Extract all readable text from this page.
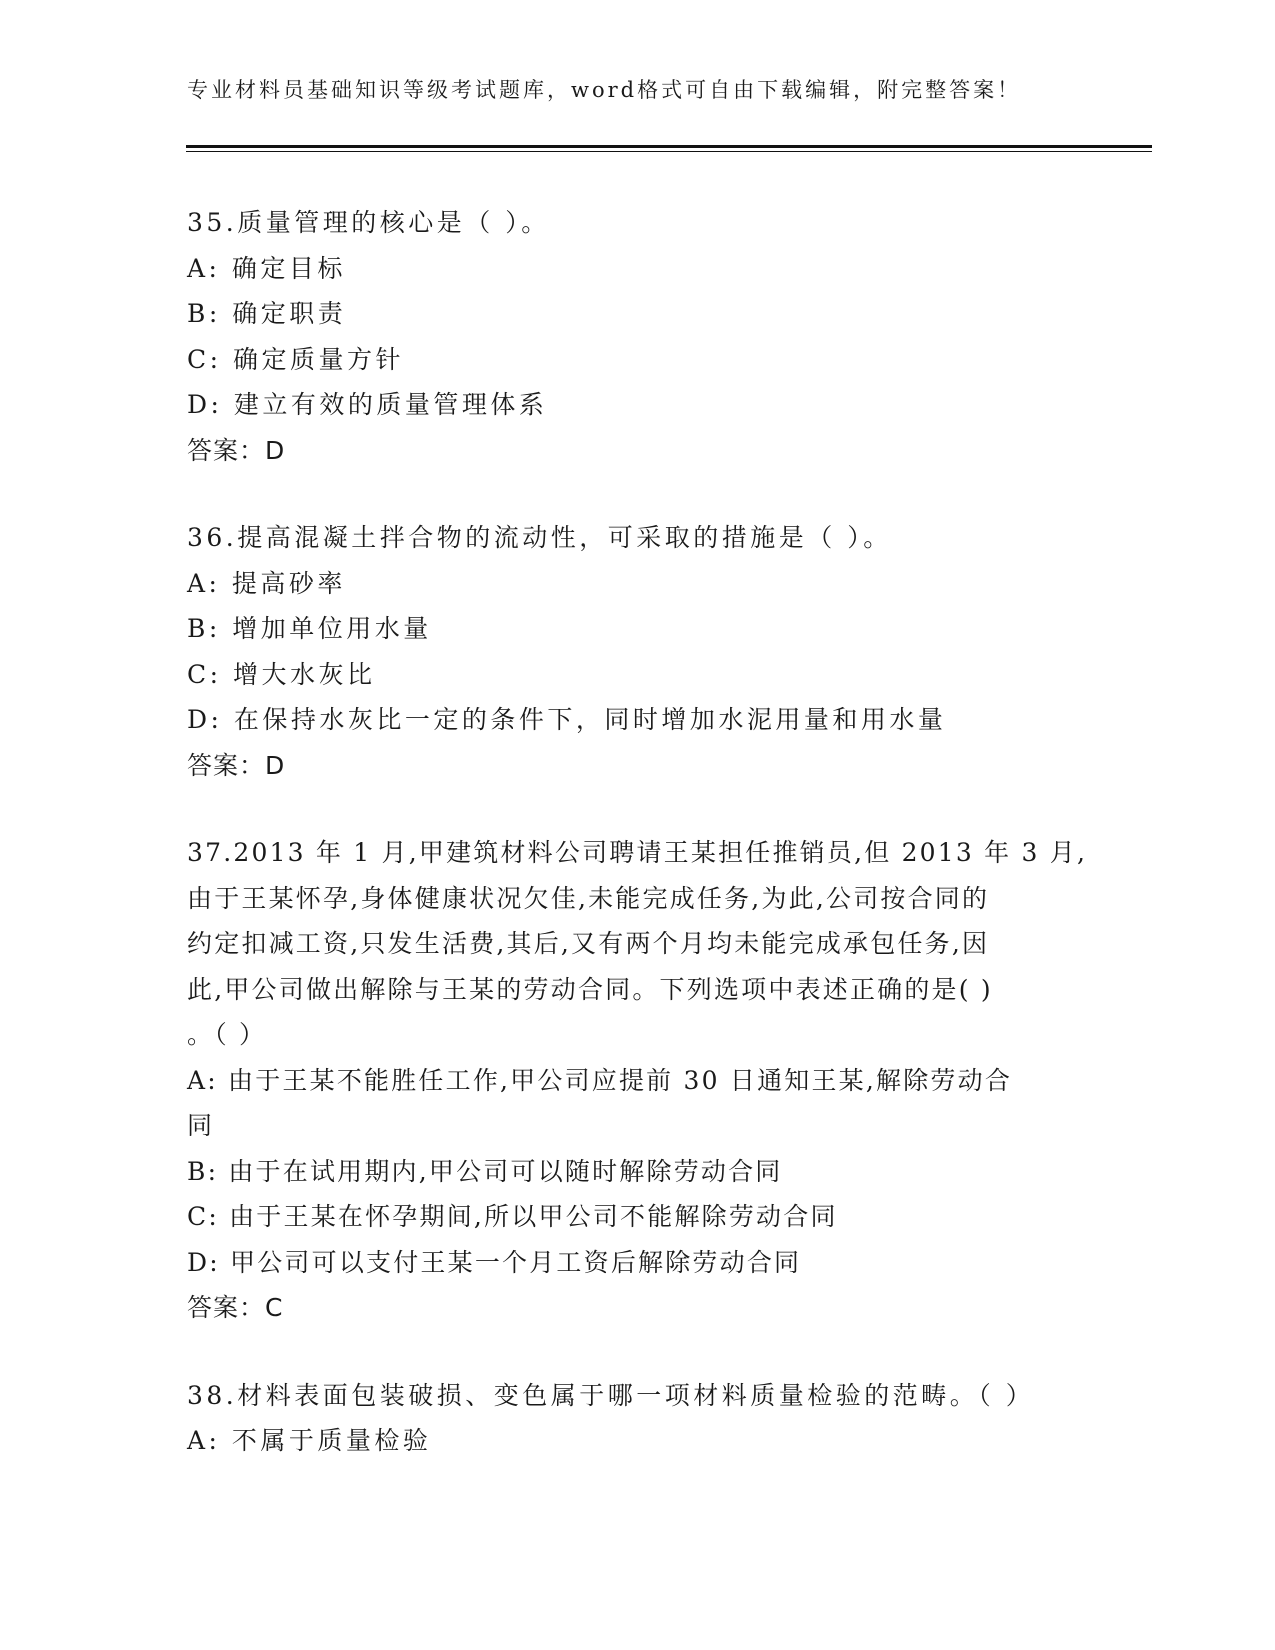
专业材料员基础知识等级考试题库，word格式可自由下载编辑，附完整答案！
35.质量管理的核心是（ ）。
A: 确定目标
B: 确定职责
C: 确定质量方针
D: 建立有效的质量管理体系
答案：D
36.提高混凝土拌合物的流动性，可采取的措施是（ ）。
A: 提高砂率
B: 增加单位用水量
C: 增大水灰比
D: 在保持水灰比一定的条件下，同时增加水泥用量和用水量
答案：D
37.2013 年 1 月,甲建筑材料公司聘请王某担任推销员,但 2013 年 3 月,
由于王某怀孕,身体健康状况欠佳,未能完成任务,为此,公司按合同的
约定扣减工资,只发生活费,其后,又有两个月均未能完成承包任务,因
此,甲公司做出解除与王某的劳动合同。下列选项中表述正确的是( )
。（ ）
A: 由于王某不能胜任工作,甲公司应提前 30 日通知王某,解除劳动合
同
B: 由于在试用期内,甲公司可以随时解除劳动合同
C: 由于王某在怀孕期间,所以甲公司不能解除劳动合同
D: 甲公司可以支付王某一个月工资后解除劳动合同
答案：C
38.材料表面包装破损、变色属于哪一项材料质量检验的范畴。（ ）
A: 不属于质量检验
